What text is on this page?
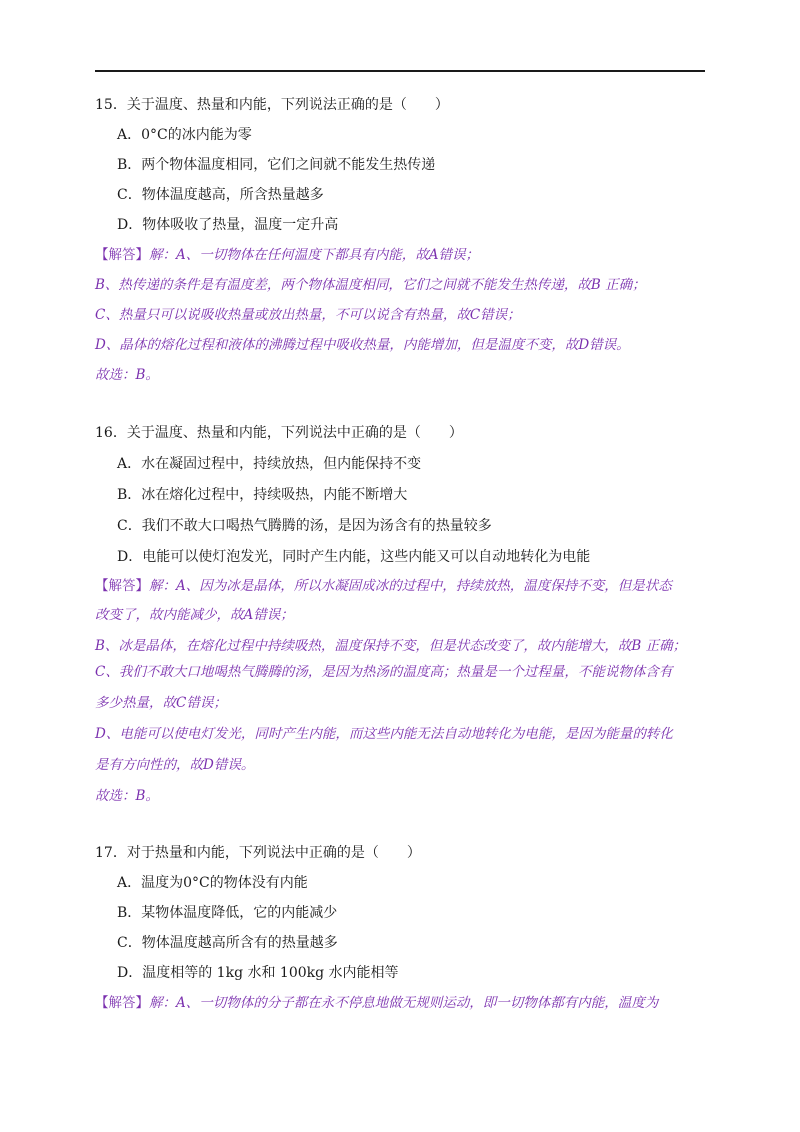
15．关于温度、热量和内能，下列说法正确的是（　　）

A．0°C的冰内能为零

B．两个物体温度相同，它们之间就不能发生热传递

C．物体温度越高，所含热量越多

D．物体吸收了热量，温度一定升高

【解答】解：A、一切物体在任何温度下都具有内能，故A错误；

B、热传递的条件是有温度差，两个物体温度相同，它们之间就不能发生热传递，故B 正确；

C、热量只可以说吸收热量或放出热量，不可以说含有热量，故C错误；

D、晶体的熔化过程和液体的沸腾过程中吸收热量，内能增加，但是温度不变，故D错误。

故选：B。

16．关于温度、热量和内能，下列说法中正确的是（　　）

A．水在凝固过程中，持续放热，但内能保持不变

B．冰在熔化过程中，持续吸热，内能不断增大

C．我们不敢大口喝热气腾腾的汤，是因为汤含有的热量较多

D．电能可以使灯泡发光，同时产生内能，这些内能又可以自动地转化为电能

【解答】解：A、因为冰是晶体，所以水凝固成冰的过程中，持续放热，温度保持不变，但是状态

改变了，故内能减少，故A错误；

B、冰是晶体，在熔化过程中持续吸热，温度保持不变，但是状态改变了，故内能增大，故B 正确；

C、我们不敢大口地喝热气腾腾的汤，是因为热汤的温度高；热量是一个过程量，不能说物体含有

多少热量，故C错误；

D、电能可以使电灯发光，同时产生内能，而这些内能无法自动地转化为电能，是因为能量的转化

是有方向性的，故D错误。

故选：B。

17．对于热量和内能，下列说法中正确的是（　　）

A．温度为0°C的物体没有内能

B．某物体温度降低，它的内能减少

C．物体温度越高所含有的热量越多

D．温度相等的 1kg 水和 100kg 水内能相等

【解答】解：A、一切物体的分子都在永不停息地做无规则运动，即一切物体都有内能，温度为
